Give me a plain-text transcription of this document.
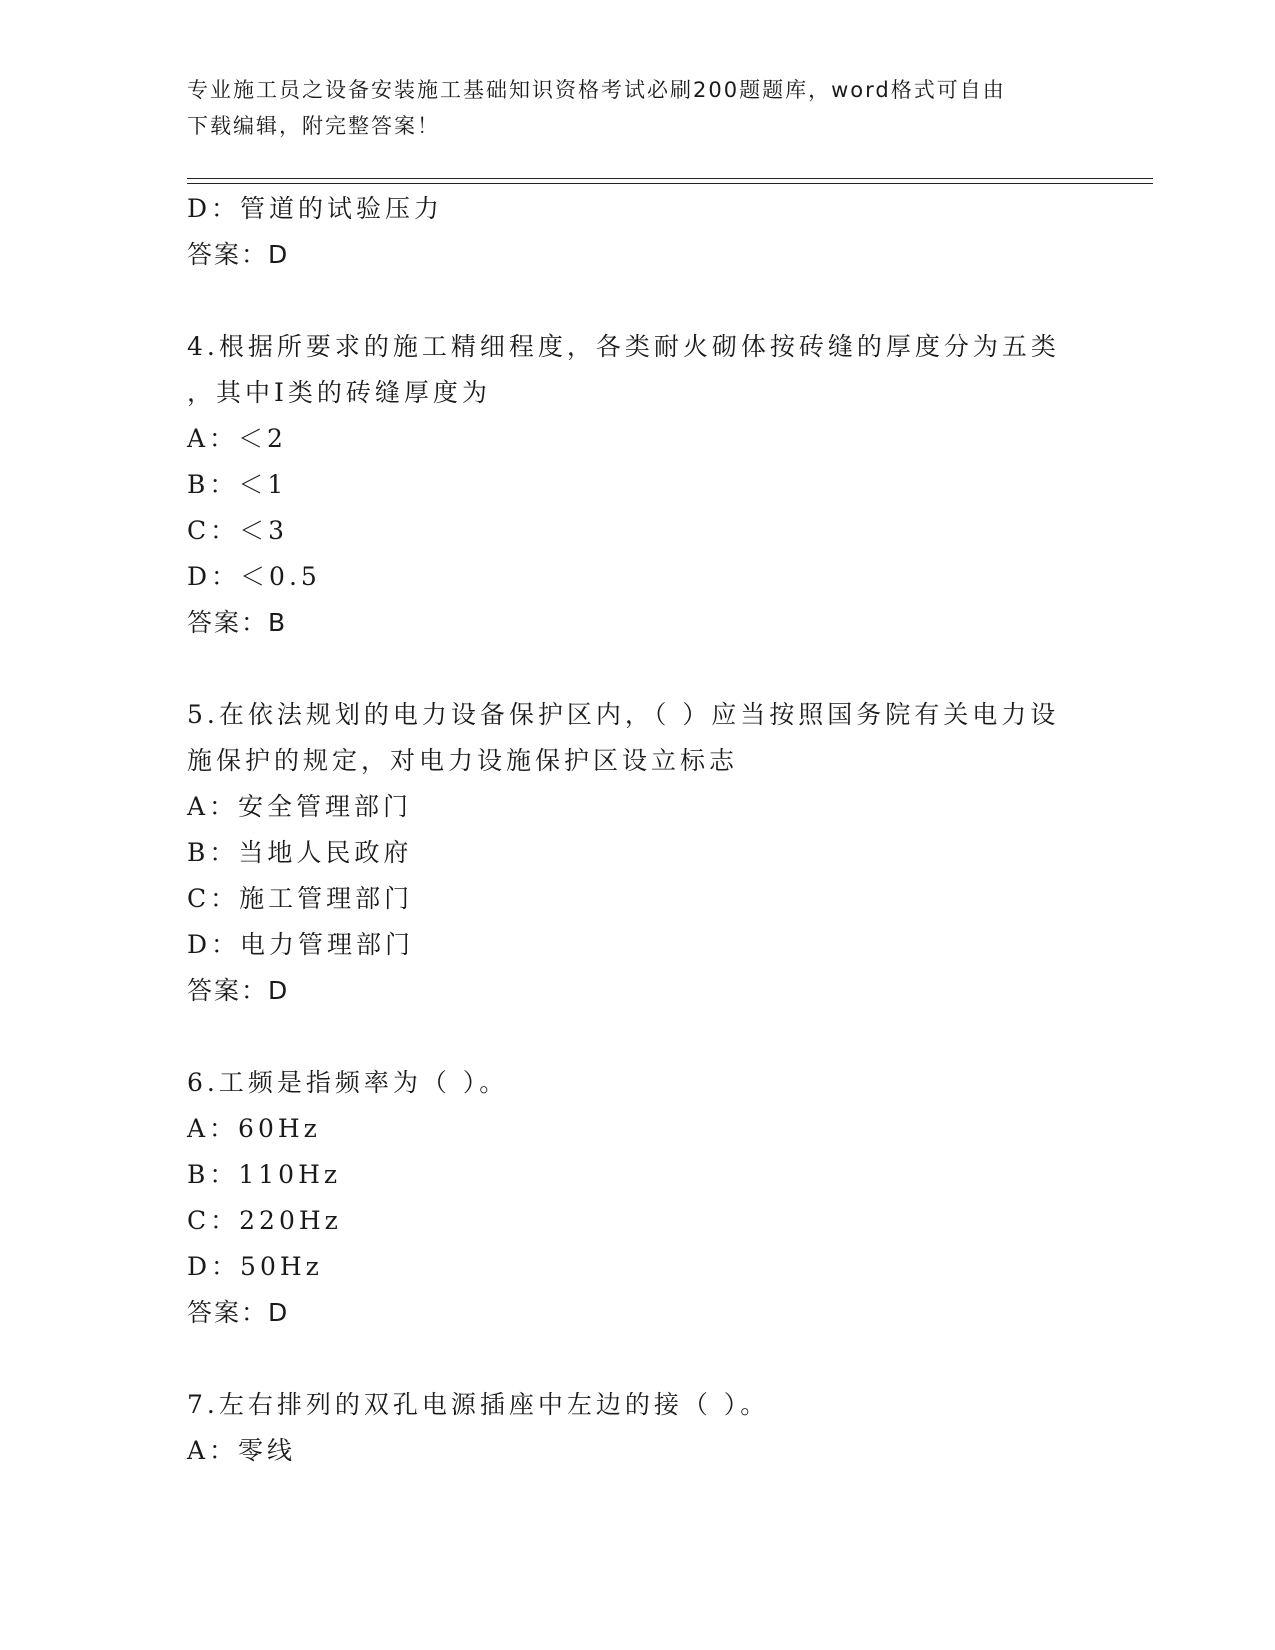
专业施工员之设备安装施工基础知识资格考试必刷200题题库，word格式可自由
下载编辑，附完整答案！
D：管道的试验压力
答案：D
4.根据所要求的施工精细程度，各类耐火砌体按砖缝的厚度分为五类
，其中Ⅰ类的砖缝厚度为
A：＜2
B：＜1
C：＜3
D：＜0.5
答案：B
5.在依法规划的电力设备保护区内，（ ）应当按照国务院有关电力设
施保护的规定，对电力设施保护区设立标志
A：安全管理部门
B：当地人民政府
C：施工管理部门
D：电力管理部门
答案：D
6.工频是指频率为（ ）。
A：60Hz
B：110Hz
C：220Hz
D：50Hz
答案：D
7.左右排列的双孔电源插座中左边的接（ ）。
A：零线
